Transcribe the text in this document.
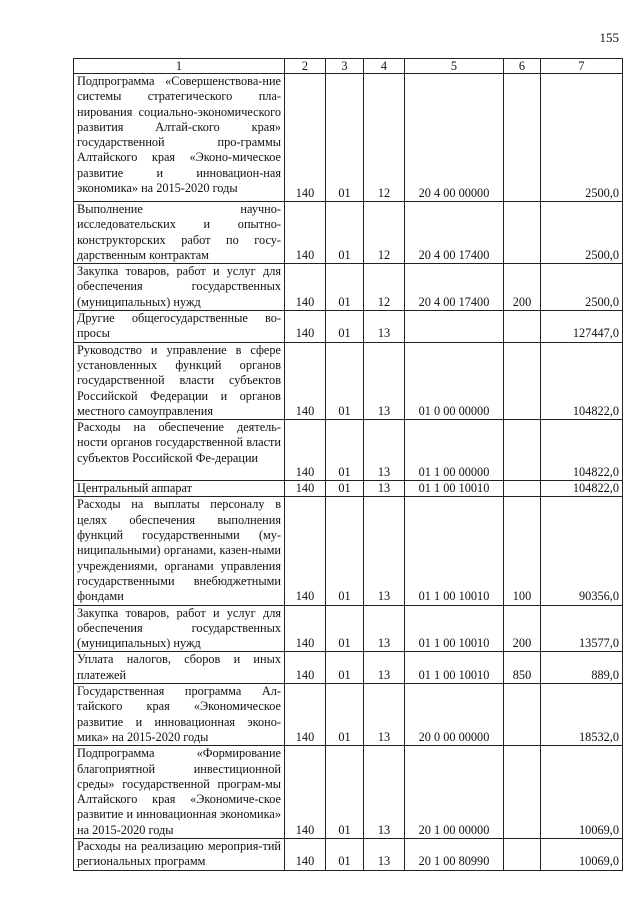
155
1	2	3	4	5	6	7
Подпрограмма «Совершенствова-ние системы стратегического пла-нирования социально-экономического развития Алтай-ского края» государственной про-граммы Алтайского края «Эконо-мическое развитие и инновацион-ная экономика» на 2015-2020 годы	140	01	12	20 4 00 00000		2500,0
Выполнение научно-исследовательских и опытно-конструкторских работ по госу-дарственным контрактам	140	01	12	20 4 00 17400		2500,0
Закупка товаров, работ и услуг для обеспечения государственных (муниципальных) нужд	140	01	12	20 4 00 17400	200	2500,0
Другие общегосударственные во-просы	140	01	13			127447,0
Руководство и управление в сфере установленных функций органов государственной власти субъектов Российской Федерации и органов местного самоуправления	140	01	13	01 0 00 00000		104822,0
Расходы на обеспечение деятель-ности органов государственной власти субъектов Российской Фе-дерации	140	01	13	01 1 00 00000		104822,0
Центральный аппарат	140	01	13	01 1 00 10010		104822,0
Расходы на выплаты персоналу в целях обеспечения выполнения функций государственными (му-ниципальными) органами, казен-ными учреждениями, органами управления государственными внебюджетными фондами	140	01	13	01 1 00 10010	100	90356,0
Закупка товаров, работ и услуг для обеспечения государственных (муниципальных) нужд	140	01	13	01 1 00 10010	200	13577,0
Уплата налогов, сборов и иных платежей	140	01	13	01 1 00 10010	850	889,0
Государственная программа Ал-тайского края «Экономическое развитие и инновационная эконо-мика» на 2015-2020 годы	140	01	13	20 0 00 00000		18532,0
Подпрограмма «Формирование благоприятной инвестиционной среды» государственной програм-мы Алтайского края «Экономиче-ское развитие и инновационная экономика» на 2015-2020 годы	140	01	13	20 1 00 00000		10069,0
Расходы на реализацию мероприя-тий региональных программ	140	01	13	20 1 00 80990		10069,0
